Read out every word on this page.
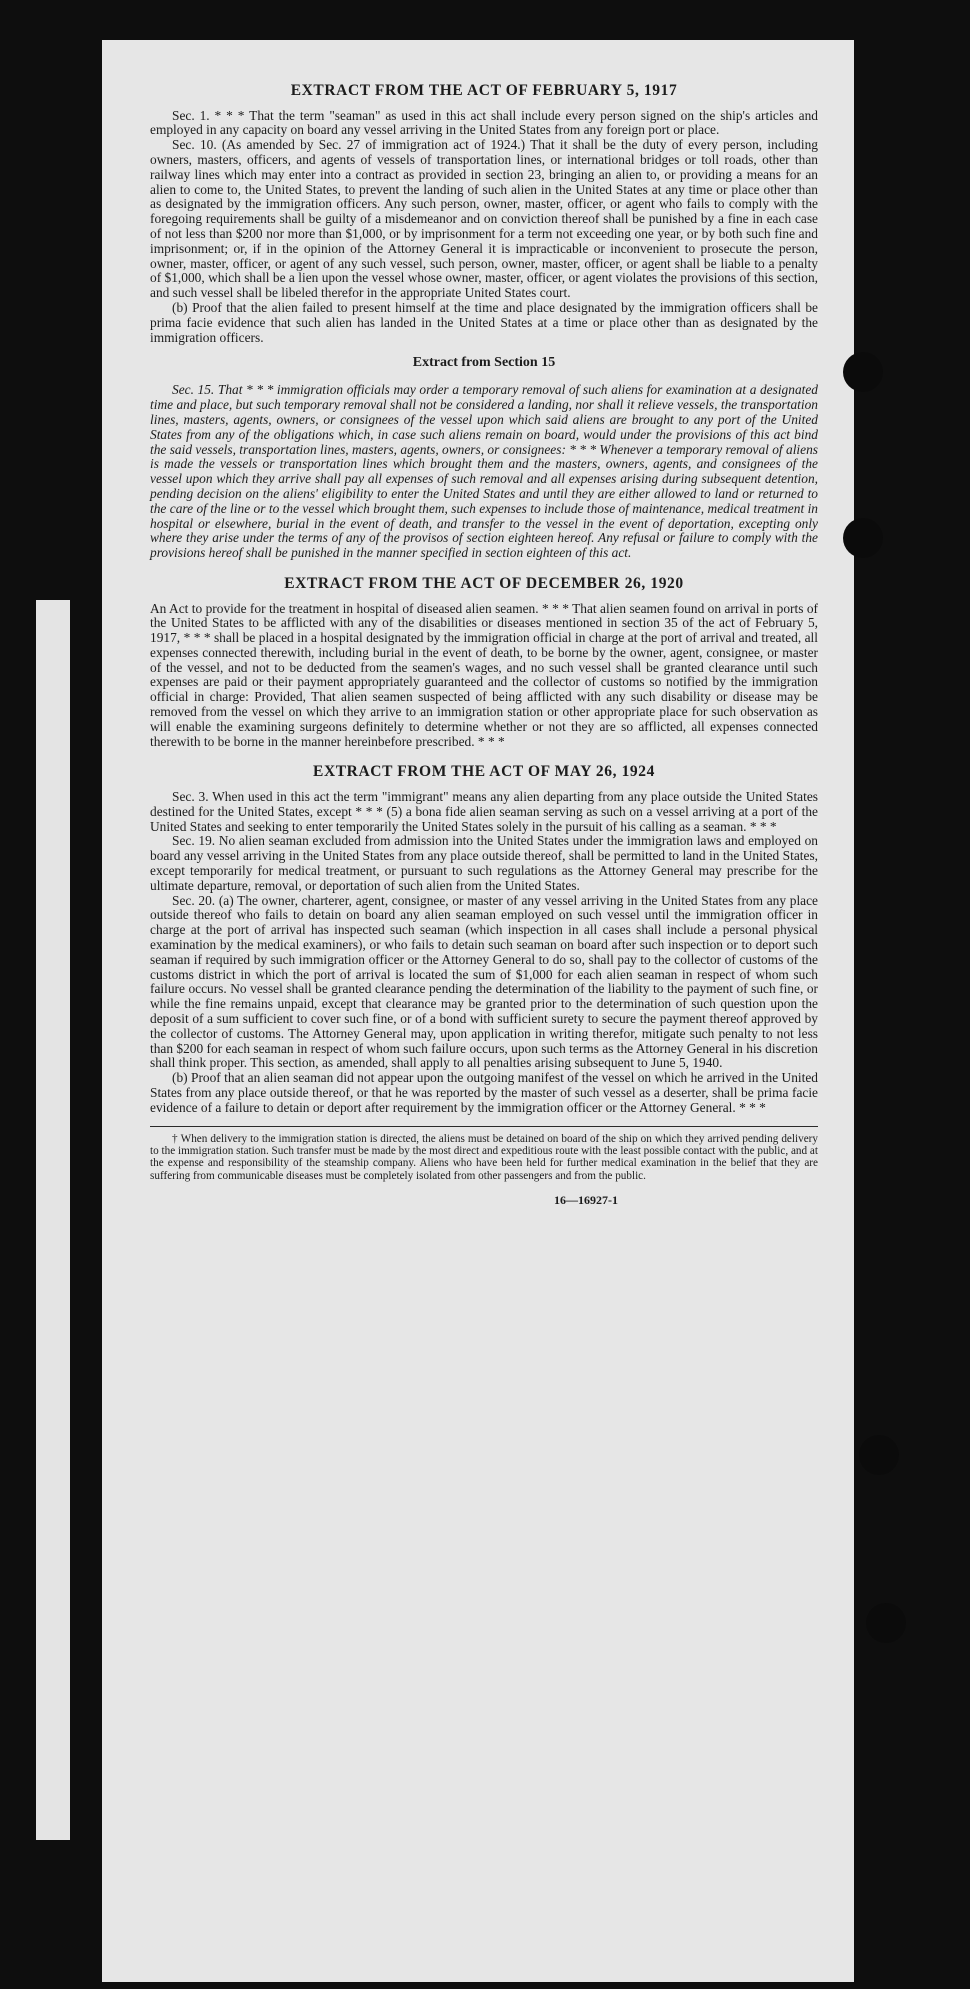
EXTRACT FROM THE ACT OF FEBRUARY 5, 1917

Sec. 1. * * * That the term "seaman" as used in this act shall include every person signed on the ship's articles and employed in any capacity on board any vessel arriving in the United States from any foreign port or place.

Sec. 10. (As amended by Sec. 27 of immigration act of 1924.) That it shall be the duty of every person, including owners, masters, officers, and agents of vessels of transportation lines, or international bridges or toll roads, other than railway lines which may enter into a contract as provided in section 23, bringing an alien to, or providing a means for an alien to come to, the United States, to prevent the landing of such alien in the United States at any time or place other than as designated by the immigration officers. Any such person, owner, master, officer, or agent who fails to comply with the foregoing requirements shall be guilty of a misdemeanor and on conviction thereof shall be punished by a fine in each case of not less than $200 nor more than $1,000, or by imprisonment for a term not exceeding one year, or by both such fine and imprisonment; or, if in the opinion of the Attorney General it is impracticable or inconvenient to prosecute the person, owner, master, officer, or agent of any such vessel, such person, owner, master, officer, or agent shall be liable to a penalty of $1,000, which shall be a lien upon the vessel whose owner, master, officer, or agent violates the provisions of this section, and such vessel shall be libeled therefor in the appropriate United States court.

(b) Proof that the alien failed to present himself at the time and place designated by the immigration officers shall be prima facie evidence that such alien has landed in the United States at a time or place other than as designated by the immigration officers.

Extract from Section 15

Sec. 15. That * * * immigration officials may order a temporary removal of such aliens for examination at a designated time and place, but such temporary removal shall not be considered a landing, nor shall it relieve vessels, the transportation lines, masters, agents, owners, or consignees of the vessel upon which said aliens are brought to any port of the United States from any of the obligations which, in case such aliens remain on board, would under the provisions of this act bind the said vessels, transportation lines, masters, agents, owners, or consignees: * * * Whenever a temporary removal of aliens is made the vessels or transportation lines which brought them and the masters, owners, agents, and consignees of the vessel upon which they arrive shall pay all expenses of such removal and all expenses arising during subsequent detention, pending decision on the aliens' eligibility to enter the United States and until they are either allowed to land or returned to the care of the line or to the vessel which brought them, such expenses to include those of maintenance, medical treatment in hospital or elsewhere, burial in the event of death, and transfer to the vessel in the event of deportation, excepting only where they arise under the terms of any of the provisos of section eighteen hereof. Any refusal or failure to comply with the provisions hereof shall be punished in the manner specified in section eighteen of this act.

EXTRACT FROM THE ACT OF DECEMBER 26, 1920

An Act to provide for the treatment in hospital of diseased alien seamen. * * * That alien seamen found on arrival in ports of the United States to be afflicted with any of the disabilities or diseases mentioned in section 35 of the act of February 5, 1917, * * * shall be placed in a hospital designated by the immigration official in charge at the port of arrival and treated, all expenses connected therewith, including burial in the event of death, to be borne by the owner, agent, consignee, or master of the vessel, and not to be deducted from the seamen's wages, and no such vessel shall be granted clearance until such expenses are paid or their payment appropriately guaranteed and the collector of customs so notified by the immigration official in charge: Provided, That alien seamen suspected of being afflicted with any such disability or disease may be removed from the vessel on which they arrive to an immigration station or other appropriate place for such observation as will enable the examining surgeons definitely to determine whether or not they are so afflicted, all expenses connected therewith to be borne in the manner hereinbefore prescribed. * * *

EXTRACT FROM THE ACT OF MAY 26, 1924

Sec. 3. When used in this act the term "immigrant" means any alien departing from any place outside the United States destined for the United States, except * * * (5) a bona fide alien seaman serving as such on a vessel arriving at a port of the United States and seeking to enter temporarily the United States solely in the pursuit of his calling as a seaman. * * *

Sec. 19. No alien seaman excluded from admission into the United States under the immigration laws and employed on board any vessel arriving in the United States from any place outside thereof, shall be permitted to land in the United States, except temporarily for medical treatment, or pursuant to such regulations as the Attorney General may prescribe for the ultimate departure, removal, or deportation of such alien from the United States.

Sec. 20. (a) The owner, charterer, agent, consignee, or master of any vessel arriving in the United States from any place outside thereof who fails to detain on board any alien seaman employed on such vessel until the immigration officer in charge at the port of arrival has inspected such seaman (which inspection in all cases shall include a personal physical examination by the medical examiners), or who fails to detain such seaman on board after such inspection or to deport such seaman if required by such immigration officer or the Attorney General to do so, shall pay to the collector of customs of the customs district in which the port of arrival is located the sum of $1,000 for each alien seaman in respect of whom such failure occurs. No vessel shall be granted clearance pending the determination of the liability to the payment of such fine, or while the fine remains unpaid, except that clearance may be granted prior to the determination of such question upon the deposit of a sum sufficient to cover such fine, or of a bond with sufficient surety to secure the payment thereof approved by the collector of customs. The Attorney General may, upon application in writing therefor, mitigate such penalty to not less than $200 for each seaman in respect of whom such failure occurs, upon such terms as the Attorney General in his discretion shall think proper. This section, as amended, shall apply to all penalties arising subsequent to June 5, 1940.

(b) Proof that an alien seaman did not appear upon the outgoing manifest of the vessel on which he arrived in the United States from any place outside thereof, or that he was reported by the master of such vessel as a deserter, shall be prima facie evidence of a failure to detain or deport after requirement by the immigration officer or the Attorney General. * * *

† When delivery to the immigration station is directed, the aliens must be detained on board of the ship on which they arrived pending delivery to the immigration station. Such transfer must be made by the most direct and expeditious route with the least possible contact with the public, and at the expense and responsibility of the steamship company. Aliens who have been held for further medical examination in the belief that they are suffering from communicable diseases must be completely isolated from other passengers and from the public.

16—16927-1
